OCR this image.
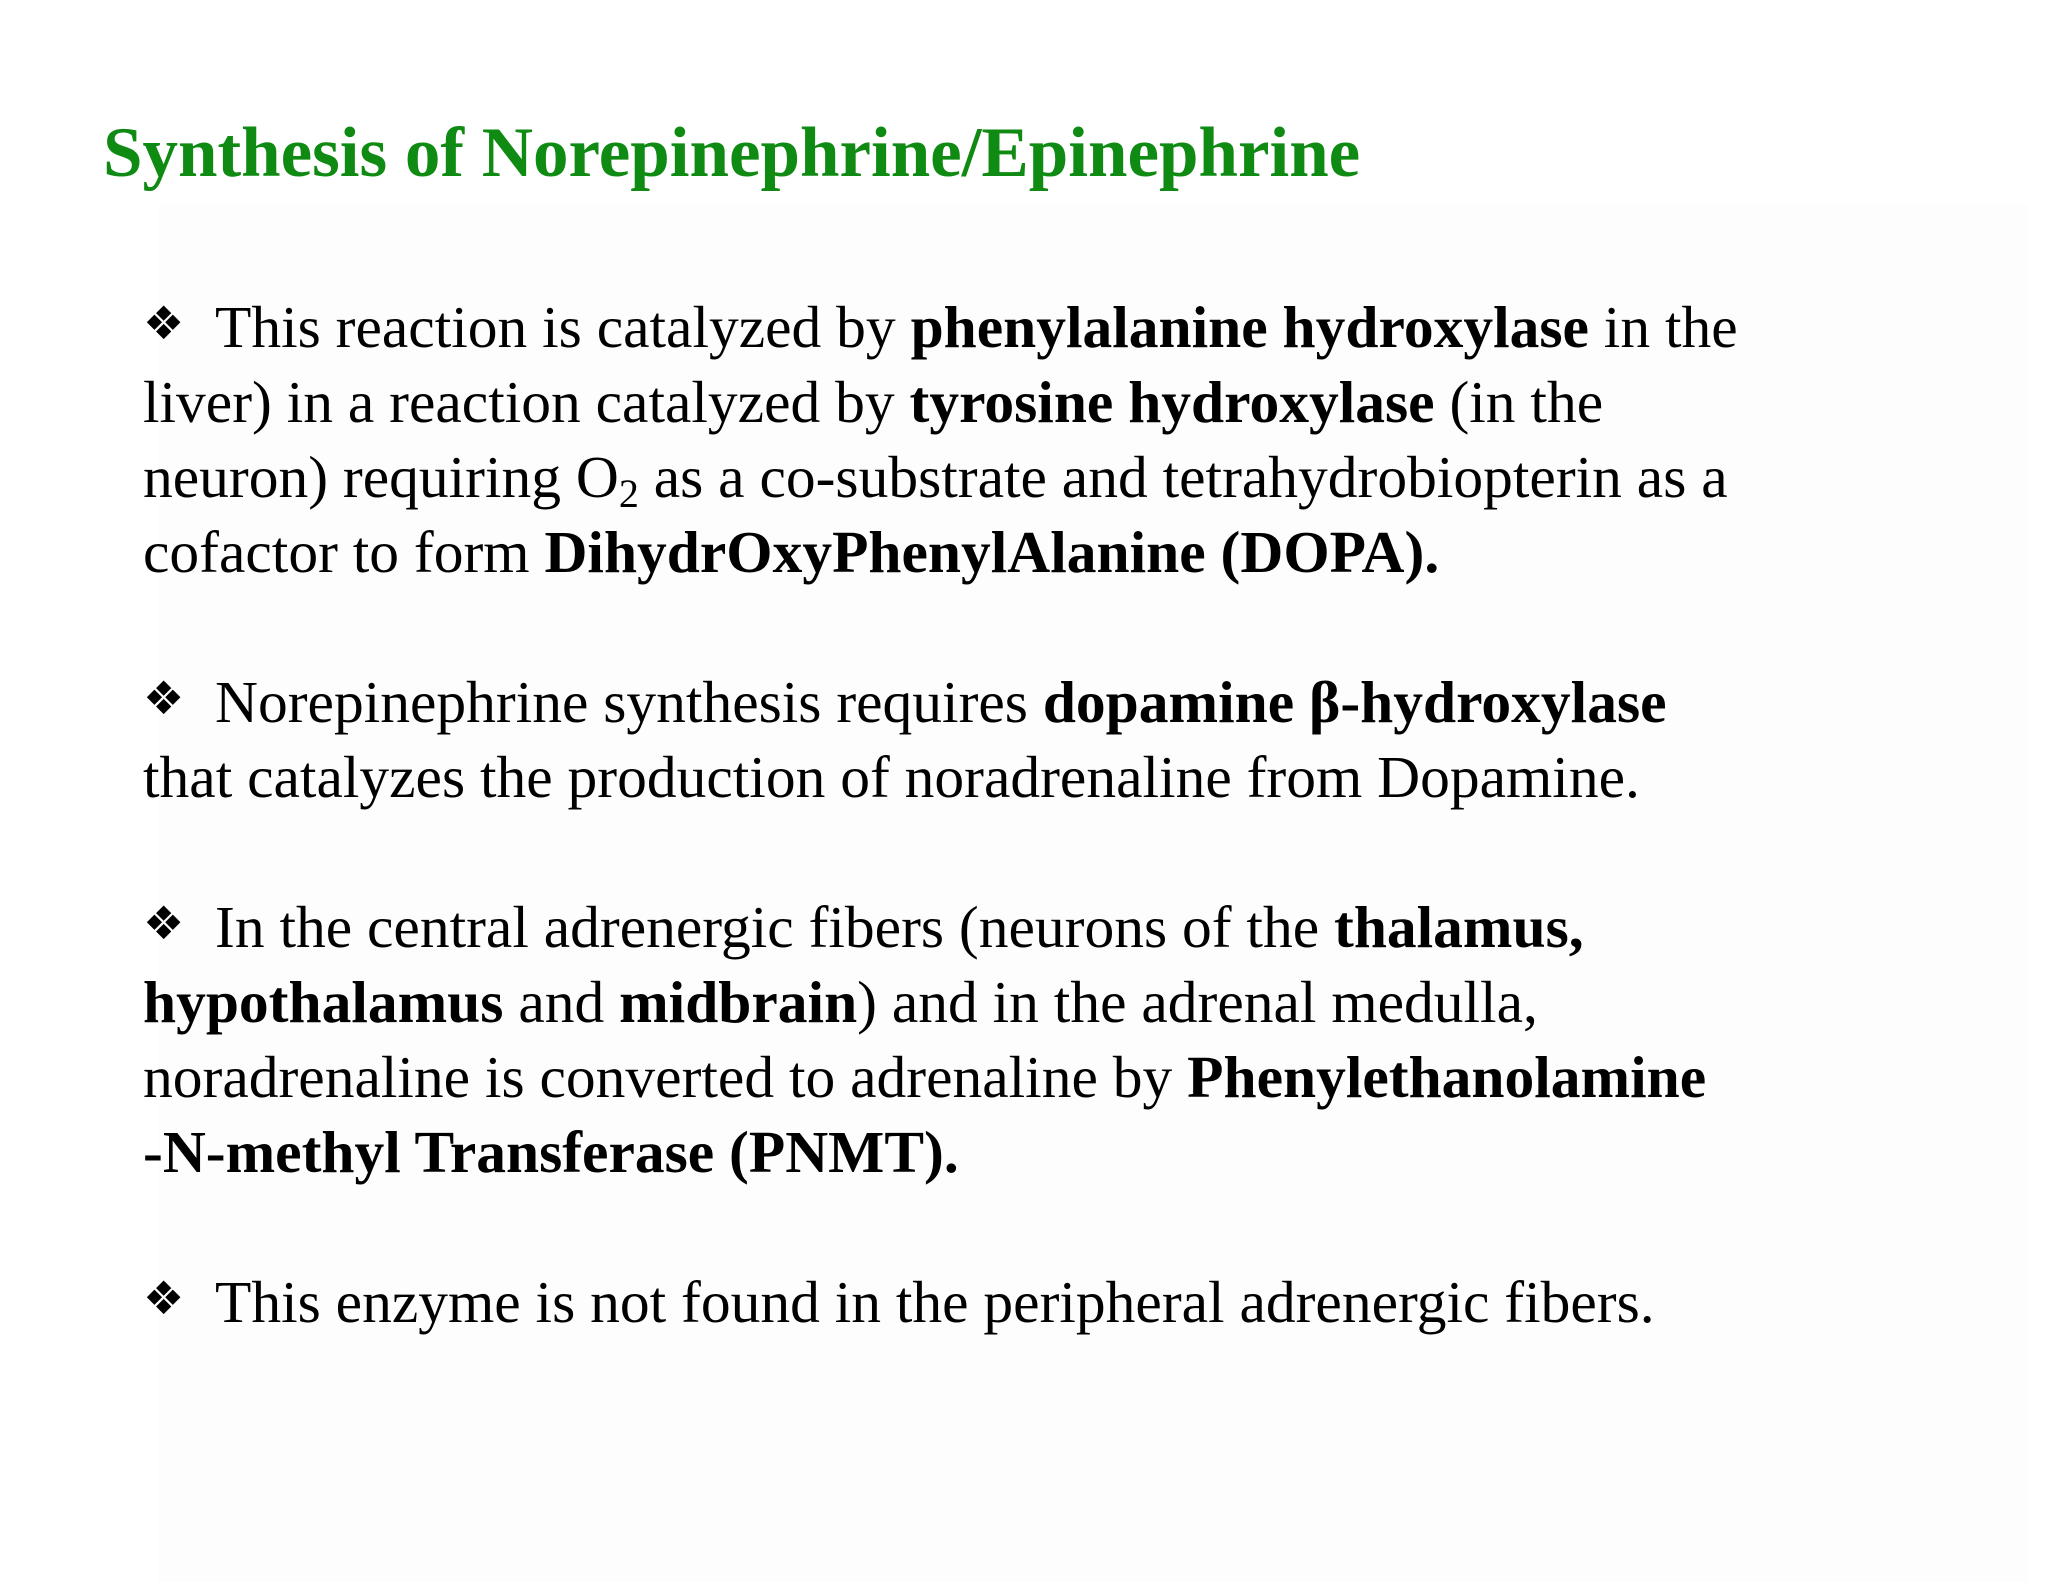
Synthesis of Norepinephrine/Epinephrine

❖ This reaction is catalyzed by phenylalanine hydroxylase in the
liver) in a reaction catalyzed by tyrosine hydroxylase (in the
neuron) requiring $O_2$ as a co-substrate and tetrahydrobiopterin as a
cofactor to form DihydrOxyPhenylAlanine (DOPA).

❖ Norepinephrine synthesis requires dopamine β-hydroxylase
that catalyzes the production of noradrenaline from Dopamine.

❖ In the central adrenergic fibers (neurons of the thalamus,
hypothalamus and midbrain) and in the adrenal medulla,
noradrenaline is converted to adrenaline by Phenylethanolamine
-N-methyl Transferase (PNMT).

❖ This enzyme is not found in the peripheral adrenergic fibers.
